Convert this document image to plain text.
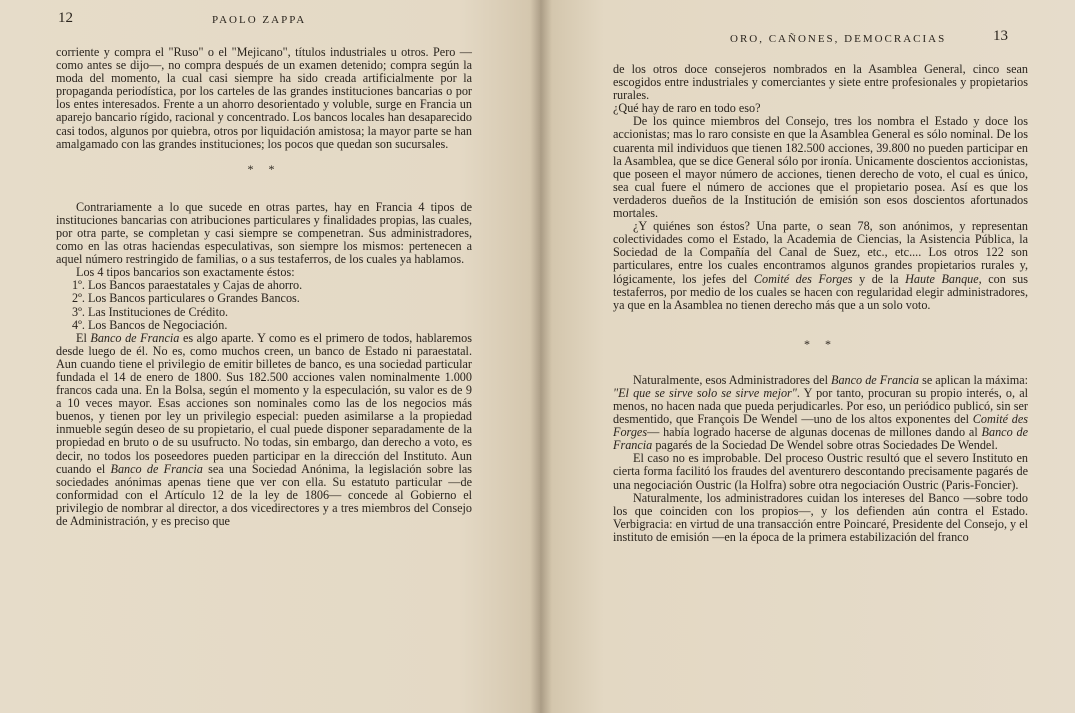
12	PAOLO ZAPPA

corriente y compra el "Ruso" o el "Mejicano", títulos industriales u otros. Pero —como antes se dijo—, no compra después de un examen detenido; compra según la moda del momento, la cual casi siempre ha sido creada artificialmente por la propaganda periodística, por los carteles de las grandes instituciones bancarias o por los entes interesados. Frente a un ahorro desorientado y voluble, surge en Francia un aparejo bancario rígido, racional y concentrado. Los bancos locales han desaparecido casi todos, algunos por quiebra, otros por liquidación amistosa; la mayor parte se han amalgamado con las grandes instituciones; los pocos que quedan son sucursales.

* *

Contrariamente a lo que sucede en otras partes, hay en Francia 4 tipos de instituciones bancarias con atribuciones particulares y finalidades propias, las cuales, por otra parte, se completan y casi siempre se compenetran. Sus administradores, como en las otras haciendas especulativas, son siempre los mismos: pertenecen a aquel número restringido de familias, o a sus testaferros, de los cuales ya hablamos.

Los 4 tipos bancarios son exactamente éstos:

1º. Los Bancos paraestatales y Cajas de ahorro.

2º. Los Bancos particulares o Grandes Bancos.

3º. Las Instituciones de Crédito.

4º. Los Bancos de Negociación.

El Banco de Francia es algo aparte. Y como es el primero de todos, hablaremos desde luego de él. No es, como muchos creen, un banco de Estado ni paraestatal. Aun cuando tiene el privilegio de emitir billetes de banco, es una sociedad particular fundada el 14 de enero de 1800. Sus 182.500 acciones valen nominalmente 1.000 francos cada una. En la Bolsa, según el momento y la especulación, su valor es de 9 a 10 veces mayor. Esas acciones son nominales como las de los negocios más buenos, y tienen por ley un privilegio especial: pueden asimilarse a la propiedad inmueble según deseo de su propietario, el cual puede disponer separadamente de la propiedad en bruto o de su usufructo. No todas, sin embargo, dan derecho a voto, es decir, no todos los poseedores pueden participar en la dirección del Instituto. Aun cuando el Banco de Francia sea una Sociedad Anónima, la legislación sobre las sociedades anónimas apenas tiene que ver con ella. Su estatuto particular —de conformidad con el Artículo 12 de la ley de 1806— concede al Gobierno el privilegio de nombrar al director, a dos vicedirectores y a tres miembros del Consejo de Administración, y es preciso que

ORO, CAÑONES, DEMOCRACIAS	13

de los otros doce consejeros nombrados en la Asamblea General, cinco sean escogidos entre industriales y comerciantes y siete entre profesionales y propietarios rurales.

¿Qué hay de raro en todo eso?

De los quince miembros del Consejo, tres los nombra el Estado y doce los accionistas; mas lo raro consiste en que la Asamblea General es sólo nominal. De los cuarenta mil individuos que tienen 182.500 acciones, 39.800 no pueden participar en la Asamblea, que se dice General sólo por ironía. Unicamente doscientos accionistas, que poseen el mayor número de acciones, tienen derecho de voto, el cual es único, sea cual fuere el número de acciones que el propietario posea. Así es que los verdaderos dueños de la Institución de emisión son esos doscientos afortunados mortales.

¿Y quiénes son éstos? Una parte, o sean 78, son anónimos, y representan colectividades como el Estado, la Academia de Ciencias, la Asistencia Pública, la Sociedad de la Compañía del Canal de Suez, etc., etc.... Los otros 122 son particulares, entre los cuales encontramos algunos grandes propietarios rurales y, lógicamente, los jefes del Comité des Forges y de la Haute Banque, con sus testaferros, por medio de los cuales se hacen con regularidad elegir administradores, ya que en la Asamblea no tienen derecho más que a un solo voto.

* *

Naturalmente, esos Administradores del Banco de Francia se aplican la máxima: "El que se sirve solo se sirve mejor". Y por tanto, procuran su propio interés, o, al menos, no hacen nada que pueda perjudicarles. Por eso, un periódico publicó, sin ser desmentido, que François De Wendel —uno de los altos exponentes del Comité des Forges— había logrado hacerse de algunas docenas de millones dando al Banco de Francia pagarés de la Sociedad De Wendel sobre otras Sociedades De Wendel.

El caso no es improbable. Del proceso Oustric resultó que el severo Instituto en cierta forma facilitó los fraudes del aventurero descontando precisamente pagarés de una negociación Oustric (la Holfra) sobre otra negociación Oustric (Paris-Foncier).

Naturalmente, los administradores cuidan los intereses del Banco —sobre todo los que coinciden con los propios—, y los defienden aún contra el Estado. Verbigracia: en virtud de una transacción entre Poincaré, Presidente del Consejo, y el instituto de emisión —en la época de la primera estabilización del franco
